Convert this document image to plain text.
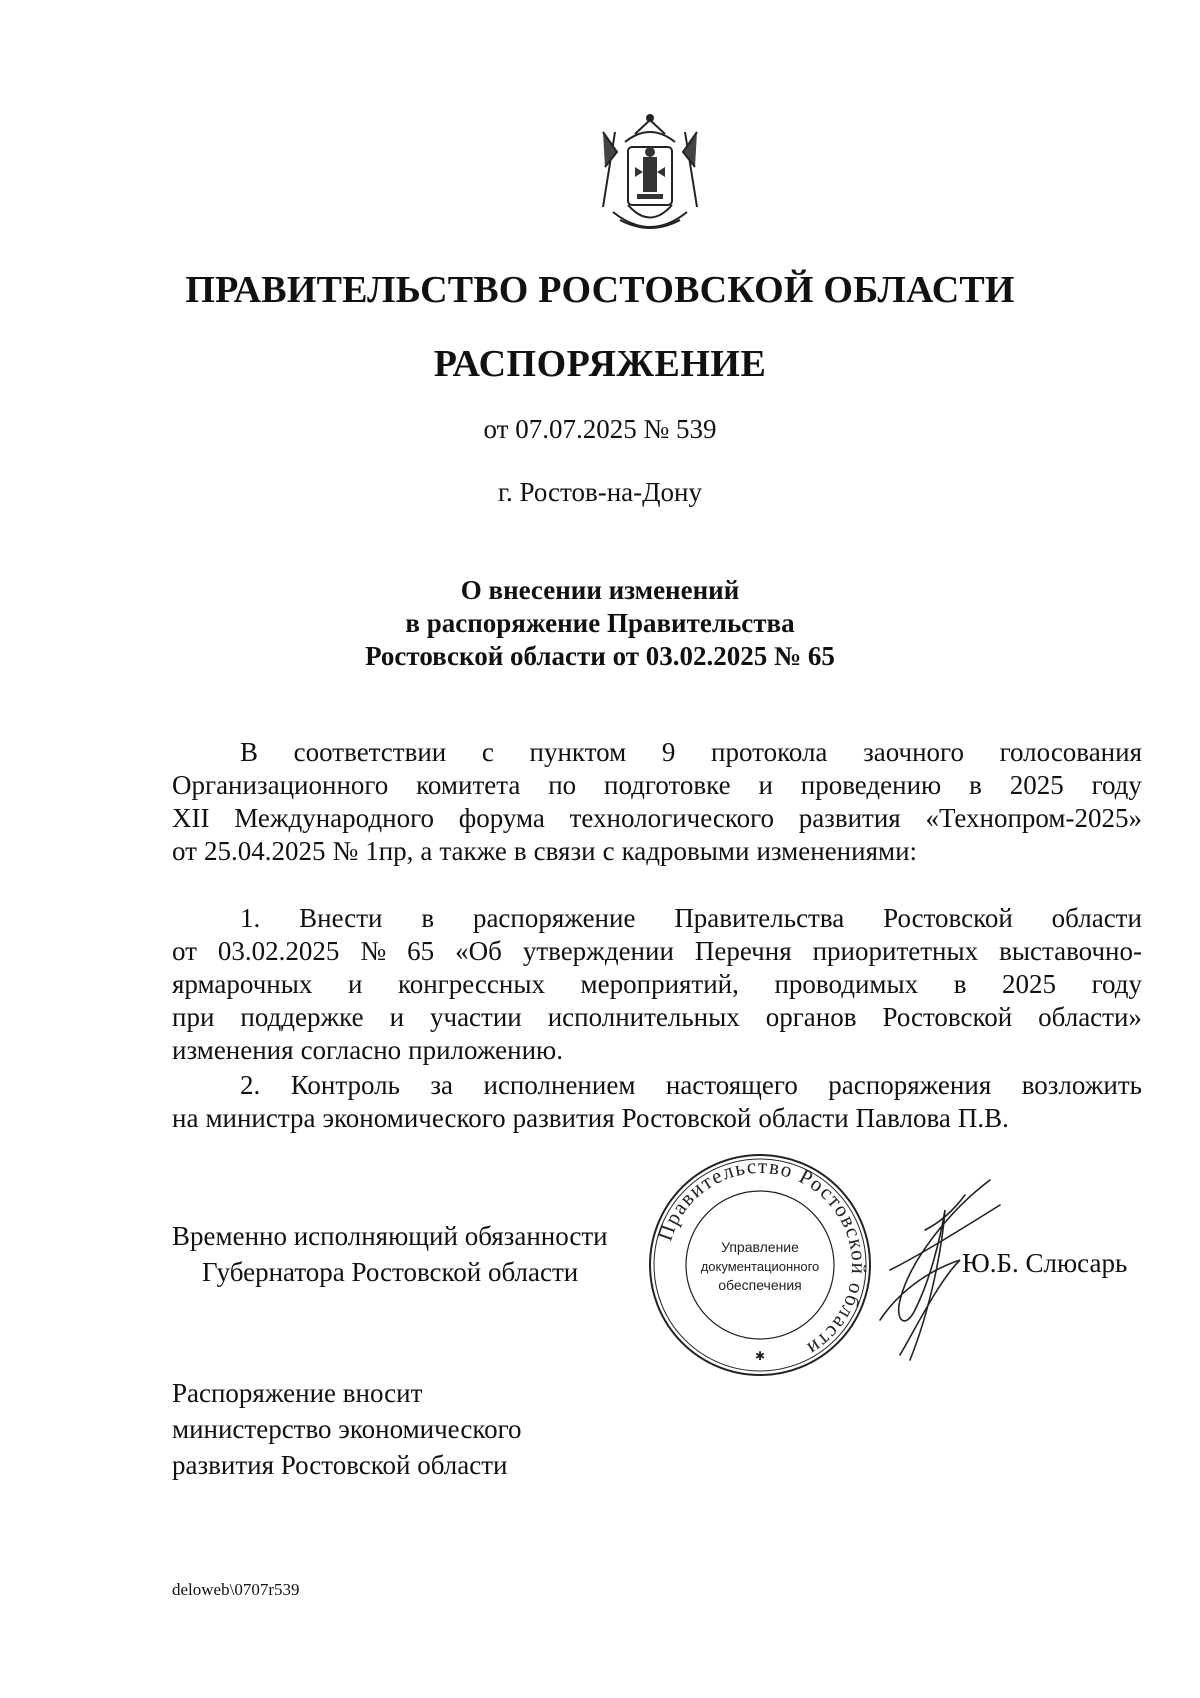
ПРАВИТЕЛЬСТВО РОСТОВСКОЙ ОБЛАСТИ
РАСПОРЯЖЕНИЕ
от 07.07.2025 № 539
г. Ростов-на-Дону
О внесении изменений
в распоряжение Правительства
Ростовской области от 03.02.2025 № 65
В соответствии с пунктом 9 протокола заочного голосования
Организационного комитета по подготовке и проведению в 2025 году
XII Международного форума технологического развития «Технопром-2025»
от 25.04.2025 № 1пр, а также в связи с кадровыми изменениями:
1. Внести в распоряжение Правительства Ростовской области
от 03.02.2025 № 65 «Об утверждении Перечня приоритетных выставочно-
ярмарочных и конгрессных мероприятий, проводимых в 2025 году
при поддержке и участии исполнительных органов Ростовской области»
изменения согласно приложению.
2. Контроль за исполнением настоящего распоряжения возложить
на министра экономического развития Ростовской области Павлова П.В.
Временно исполняющий обязанности
Губернатора Ростовской области
Правительство Ростовской области
Управление
документационного
обеспечения
✱
Ю.Б. Слюсарь
Распоряжение вносит
министерство экономического
развития Ростовской области
deloweb\0707r539
